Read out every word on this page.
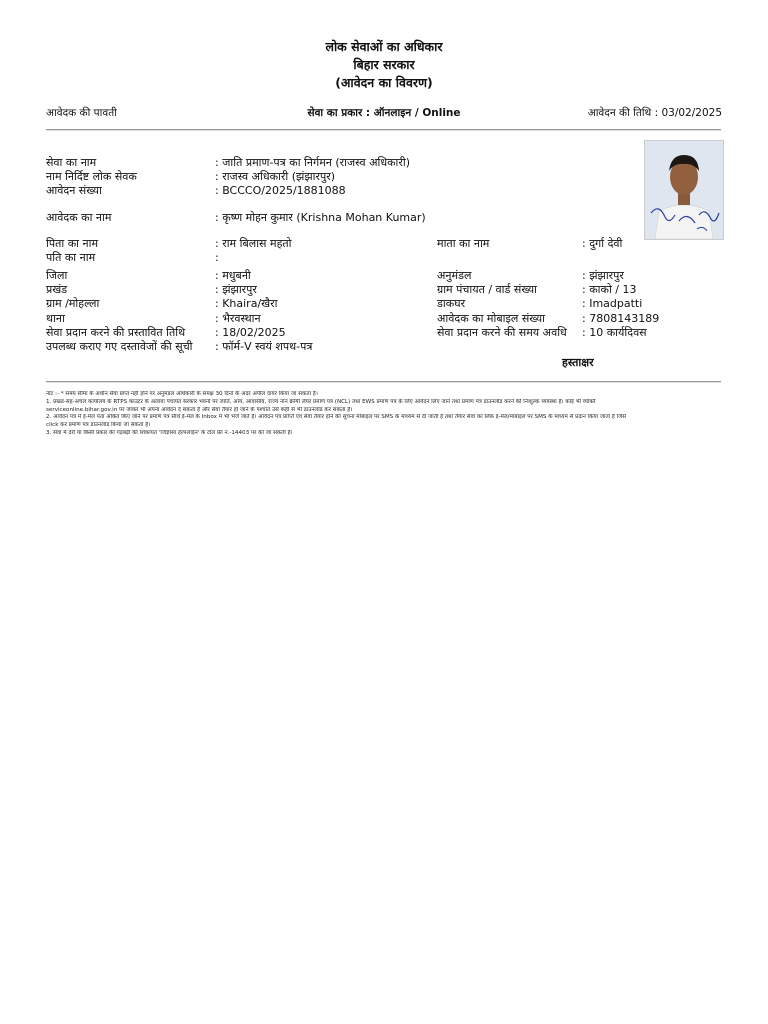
लोक सेवाओं का अधिकार
बिहार सरकार
(आवेदन का विवरण)
आवेदक की पावती	सेवा का प्रकार : ऑनलाइन / Online	आवेदन की तिथि : 03/02/2025
सेवा का नाम	: जाति प्रमाण-पत्र का निर्गमन (राजस्व अधिकारी)
नाम निर्दिष्ट लोक सेवक	: राजस्व अधिकारी (झंझारपुर)
आवेदन संख्या	: BCCCO/2025/1881088
आवेदक का नाम	: कृष्ण मोहन कुमार (Krishna Mohan Kumar)
पिता का नाम	: राम बिलास महतो	माता का नाम	: दुर्गा देवी
पति का नाम	:
जिला	: मधुबनी	अनुमंडल	: झंझारपुर
प्रखंड	: झंझारपुर	ग्राम पंचायत / वार्ड संख्या	: काको / 13
ग्राम /मोहल्ला	: Khaira/खैरा	डाकघर	: Imadpatti
थाना	: भैरवस्थान	आवेदक का मोबाइल संख्या	: 7808143189
सेवा प्रदान करने की प्रस्तावित तिथि	: 18/02/2025	सेवा प्रदान करने की समय अवधि : 10 कार्यदिवस
उपलब्ध कराए गए दस्तावेजों की सूची : फॉर्म-V स्वयं शपथ-पत्र
हस्ताक्षर
नोट :- * समय सीमा के अधीन सेवा प्राप्त नहीं होने पर अनुमंडल अधिकारी के समक्ष 30 दिनों के अंदर अपील दायर किया जा सकता है।
1. प्रखंड-सह-अंचल कार्यालय के RTPS काउंटर के अलावा पंचायत सरकार भवनों पर जाति, आय, आवासीय, राज्य नॉन क्रीमी लेयर प्रमाण पत्र (NCL) तथा EWS प्रमाण पत्र के लिए आवेदन लिए जाने तथा प्रमाण पत्र डाउनलोड करने की निःशुल्क व्यवस्था है। कोई भी व्यक्ति
serviceonline.bihar.gov.in पर जाकर भी अपना आवेदन दे सकता है और सेवा तैयार हो जाने के पश्चात उसे कहीं से भी डाउनलोड कर सकता है।
2. आवेदन पत्र में ई-मेल पता अंकित किए जाने पर प्रमाण पत्र सीधे ई-मेल के Inbox में भी भेजे जाते हैं। आवेदन पत्र प्राप्ति एवं सेवा तैयार होने की सूचना मोबाइल पर SMS के माध्यम से दी जाती है तथा तैयार सेवा का लिंक ई-मेल/मोबाइल पर SMS के माध्यम से प्रदान किया जाता है जिसे
click कर प्रमाण पत्र डाउनलोड किया जा सकता है।
3. सेवा में देरी या किसी प्रकार की गड़बड़ी की शिकायत 'जिज्ञासा हेल्पलाईन' के टोल फ्री नं.-14403 पर की जा सकती है।
